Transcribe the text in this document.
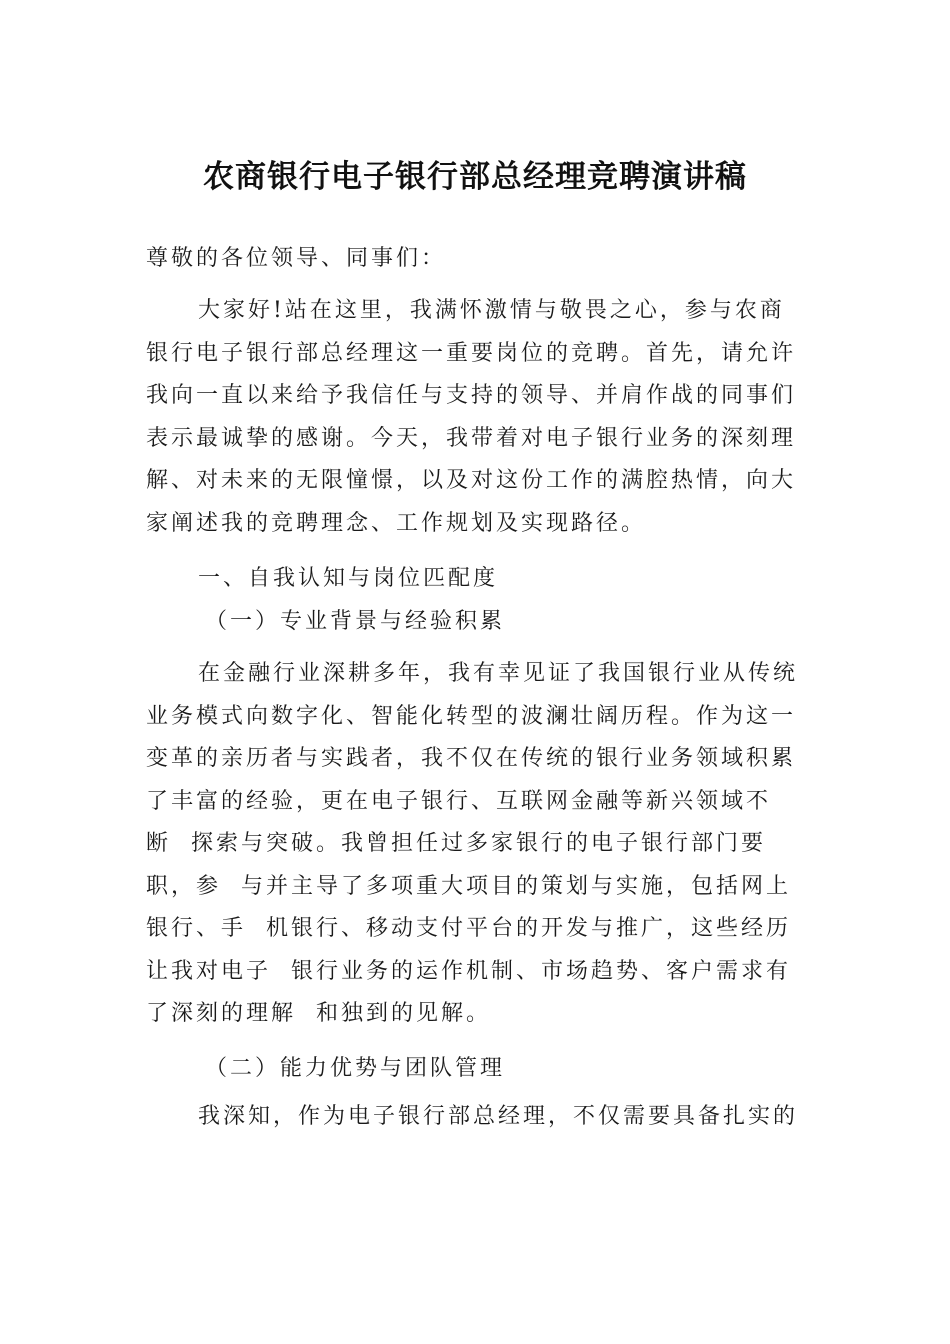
农商银行电子银行部总经理竞聘演讲稿
尊敬的各位领导、同事们：
大家好!站在这里，我满怀激情与敬畏之心，参与农商
银行电子银行部总经理这一重要岗位的竞聘。首先，请允许
我向一直以来给予我信任与支持的领导、并肩作战的同事们
表示最诚挚的感谢。今天，我带着对电子银行业务的深刻理
解、对未来的无限憧憬，以及对这份工作的满腔热情，向大
家阐述我的竞聘理念、工作规划及实现路径。
一、自我认知与岗位匹配度
（一）专业背景与经验积累
在金融行业深耕多年，我有幸见证了我国银行业从传统
业务模式向数字化、智能化转型的波澜壮阔历程。作为这一
变革的亲历者与实践者，我不仅在传统的银行业务领域积累
了丰富的经验，更在电子银行、互联网金融等新兴领域不
断  探索与突破。我曾担任过多家银行的电子银行部门要
职，参  与并主导了多项重大项目的策划与实施，包括网上
银行、手  机银行、移动支付平台的开发与推广，这些经历
让我对电子  银行业务的运作机制、市场趋势、客户需求有
了深刻的理解  和独到的见解。
（二）能力优势与团队管理
我深知，作为电子银行部总经理，不仅需要具备扎实的
